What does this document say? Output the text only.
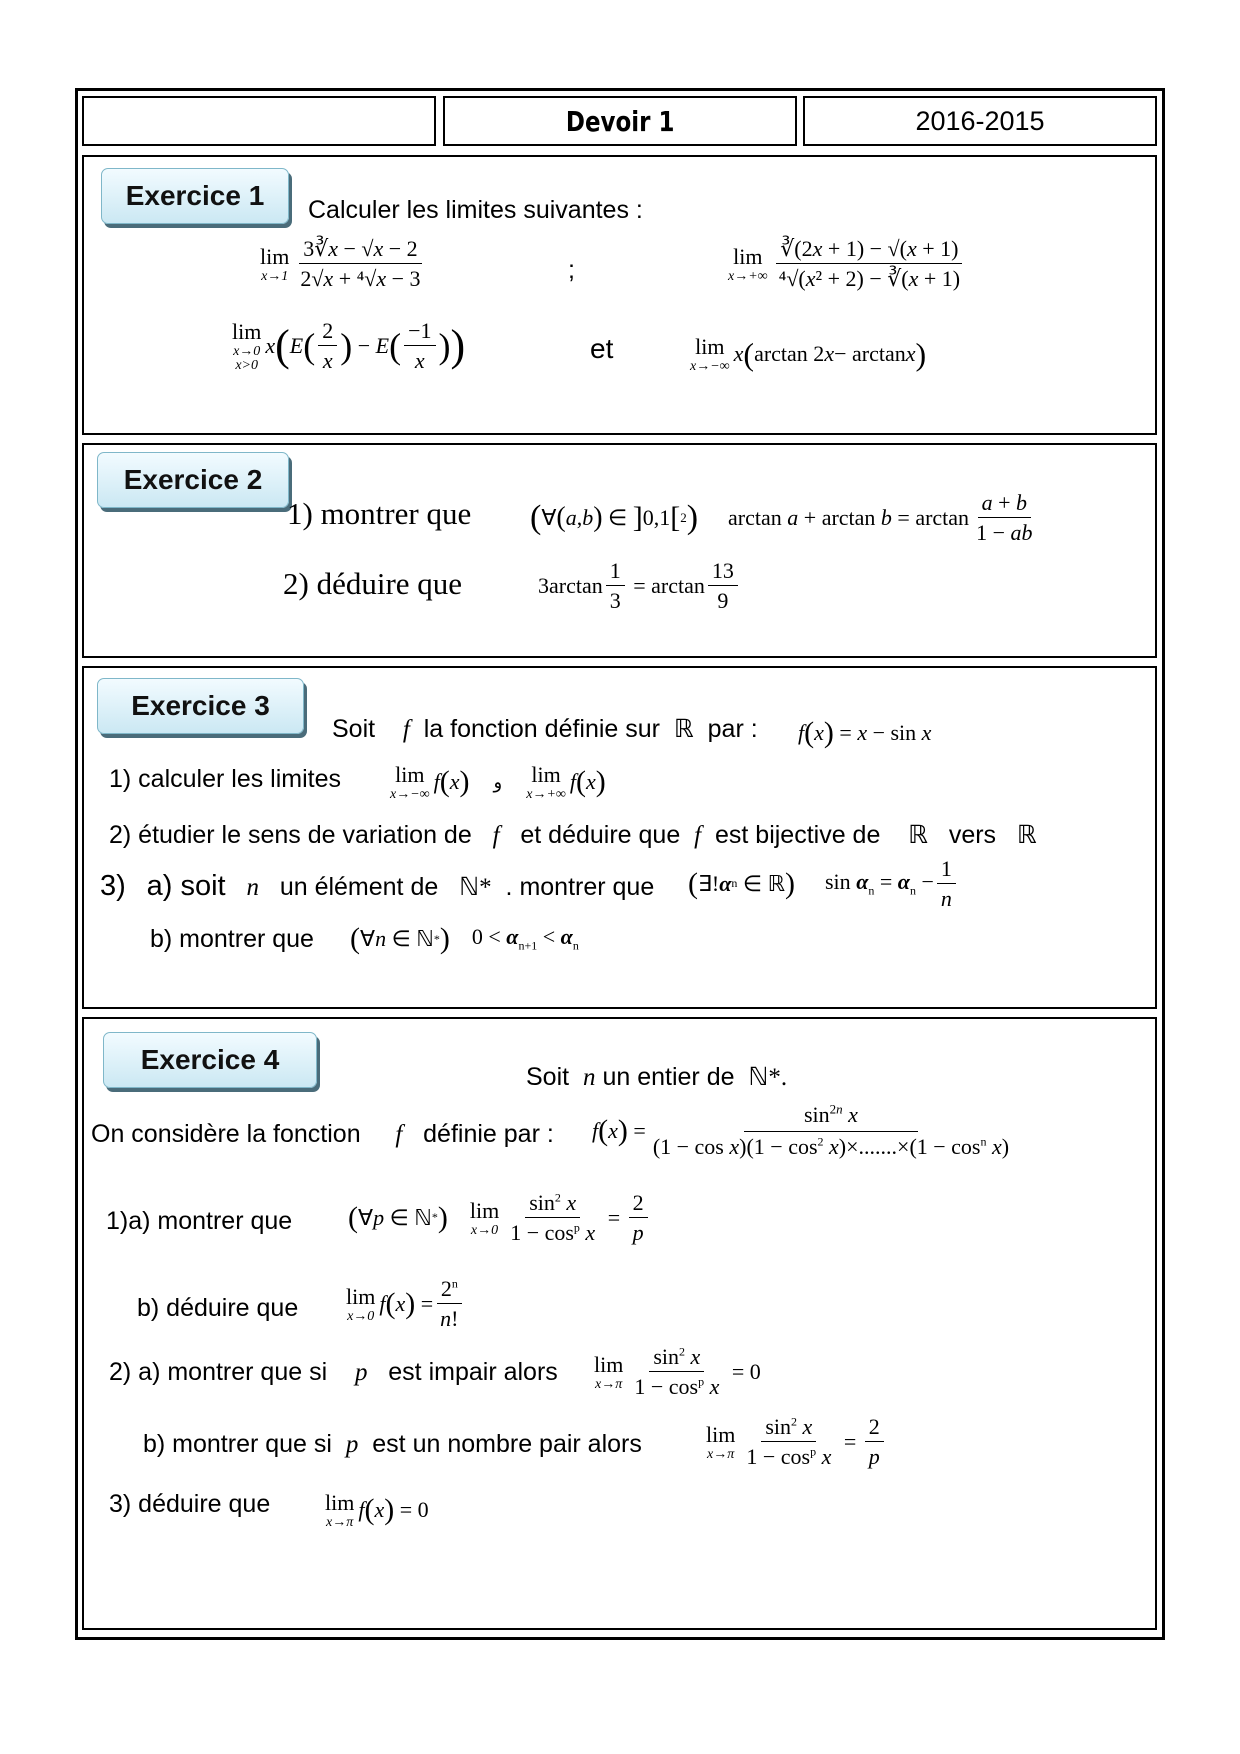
Devoir 1	2016-2015
Exercice 1	Calculer les limites suivantes :
lim
$x\to 1 \frac{3∛x - √x - 2}{\text{2√x + ⁴√x − 3}}$	;	lim
$x\to+\infty \frac{∛(2x + 1) - √(x + 1)}{\text{⁴√(x² + 2) − ∛(x + 1)}}$
lim
x→0
x>0
x ( E ( $\frac{2}{x}$ ) − E ( $\frac{-1}{x}$ ) )	et	lim
x→−∞
x ( arctan 2 x − arctan x )
Exercice 2
1) montrer que ( ∀ ( a , b ) ∈ ] 0,1 [ 2 ) $\arctan a + \arctan b = \arctan \frac{a + b}{1 - ab}$
2) déduire que	$3\arctan \frac{1}{3} = \arctan \frac{13}{9}$
Exercice 3
Soit f la fonction définie sur ℝ par : f ( x ) = x − sin x
1) calculer les limites lim
x→−∞
f ( x ) و lim
x→+∞
f ( x )
2) étudier le sens de variation de f et déduire que f est bijective de ℝ vers ℝ
3) a) soit n un élément de ℕ* . montrer que ( ∃! α n ∈ ℝ ) $\sin \alpha_n = \alpha_n - \frac{1}{n}$
b) montrer que ( ∀ n ∈ ℕ * ) $0 < \alpha_{n+1} < \alpha_n$
Exercice 4
Soit n un entier de ℕ*.
On considère la fonction f définie par : f ( x ) = $\frac{\sin^{2n} x}{(1 - \cos x)(1 - \cos^2 x)\times.......\times(1 - \cos^n x)}$
1)a) montrer que ( ∀ p ∈ ℕ * ) lim
$x\to 0 \frac{\sin^2 x}{1 - \cos^p x} = \frac{2}{p}$
b) déduire que lim
x→0
f ( x ) = $\frac{2^n}{n!}$
2) a) montrer que si p est impair alors lim
$x\to\pi \frac{\sin^2 x}{1 - \cos^p x} = 0$
b) montrer que si p est un nombre pair alors	lim
$x\to\pi \frac{\sin^2 x}{1 - \cos^p x} = \frac{2}{p}$
3) déduire que lim
x→π
f ( x ) = 0
